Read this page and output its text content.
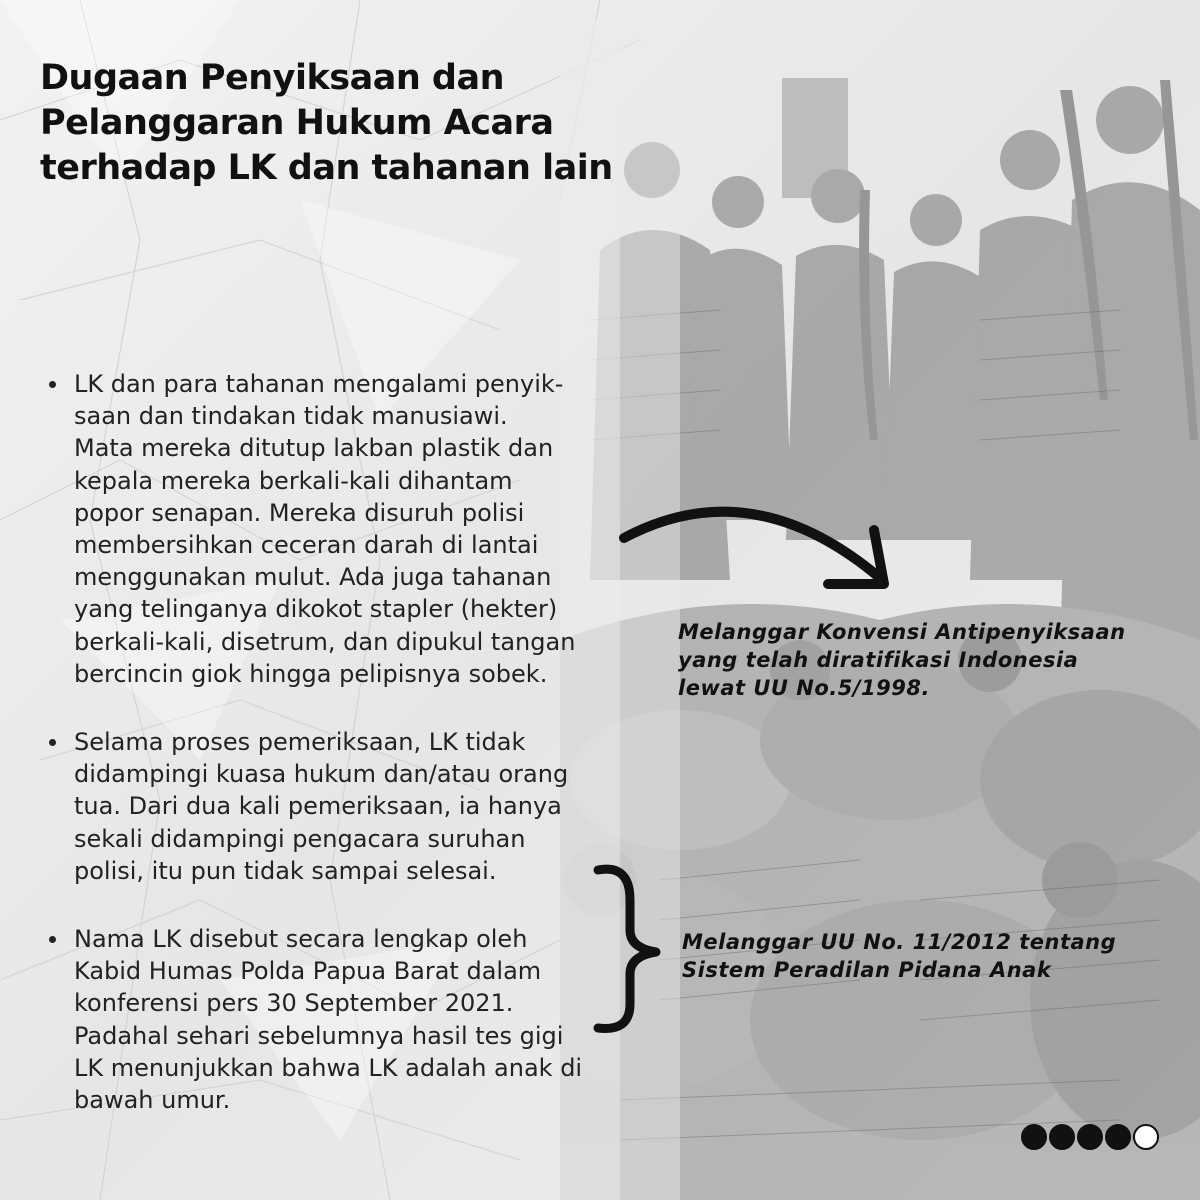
Dugaan Penyiksaan dan
Pelanggaran Hukum Acara
terhadap LK dan tahanan lain
LK dan para tahanan mengalami penyik-
saan dan tindakan tidak manusiawi.
Mata mereka ditutup lakban plastik dan
kepala mereka berkali-kali dihantam
popor senapan. Mereka disuruh polisi
membersihkan ceceran darah di lantai
menggunakan mulut. Ada juga tahanan
yang telinganya dikokot stapler (hekter)
berkali-kali, disetrum, dan dipukul tangan
bercincin giok hingga pelipisnya sobek.
Selama proses pemeriksaan, LK tidak
didampingi kuasa hukum dan/atau orang
tua. Dari dua kali pemeriksaan, ia hanya
sekali didampingi pengacara suruhan
polisi, itu pun tidak sampai selesai.
Nama LK disebut secara lengkap oleh
Kabid Humas Polda Papua Barat dalam
konferensi pers 30 September 2021.
Padahal sehari sebelumnya hasil tes gigi
LK menunjukkan bahwa LK adalah anak di
bawah umur.

Melanggar Konvensi Antipenyiksaan
yang telah diratifikasi Indonesia
lewat UU No.5/1998.

Melanggar UU No. 11/2012 tentang
Sistem Peradilan Pidana Anak
